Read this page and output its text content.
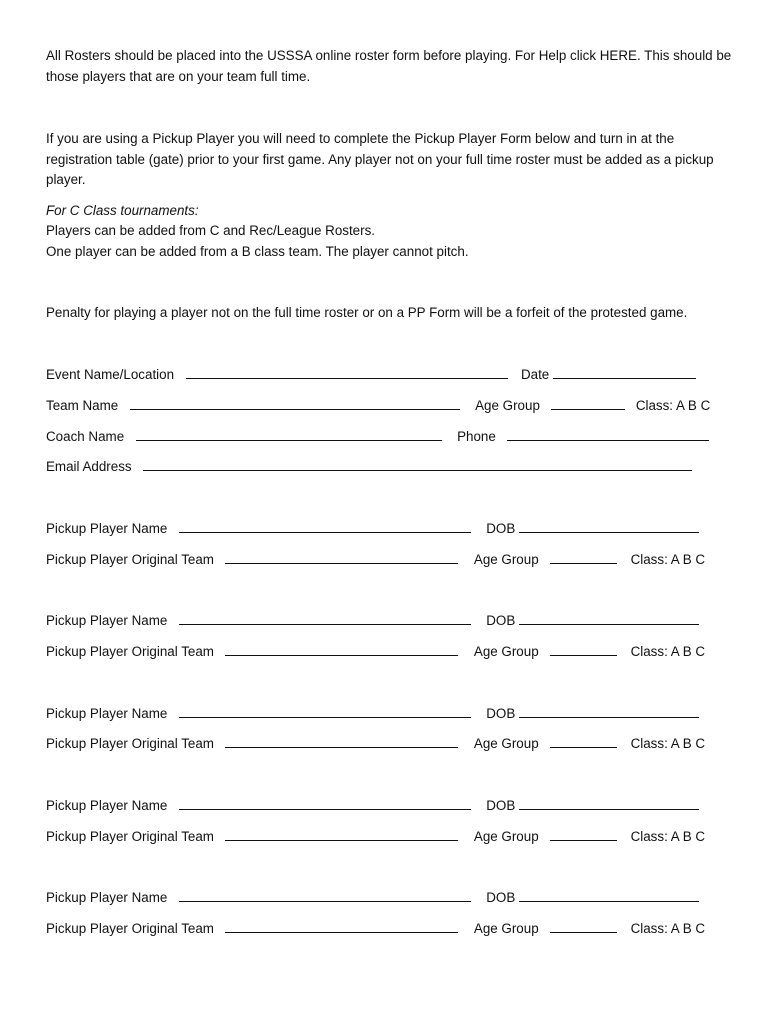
All Rosters should be placed into the USSSA online roster form before playing. For Help click HERE. This should be those players that are on your team full time.

If you are using a Pickup Player you will need to complete the Pickup Player Form below and turn in at the registration table (gate) prior to your first game. Any player not on your full time roster must be added as a pickup player.

For C Class tournaments:

Players can be added from C and Rec/League Rosters.

One player can be added from a B class team. The player cannot pitch.

Penalty for playing a player not on the full time roster or on a PP Form will be a forfeit of the protested game.

Event Name/Location	Date
Team Name	Age Group	Class: A B C
Coach Name	Phone
Email Address
Pickup Player Name	DOB
Pickup Player Original Team	Age Group	Class: A B C
Pickup Player Name	DOB
Pickup Player Original Team	Age Group	Class: A B C
Pickup Player Name	DOB
Pickup Player Original Team	Age Group	Class: A B C
Pickup Player Name	DOB
Pickup Player Original Team	Age Group	Class: A B C
Pickup Player Name	DOB
Pickup Player Original Team	Age Group	Class: A B C
